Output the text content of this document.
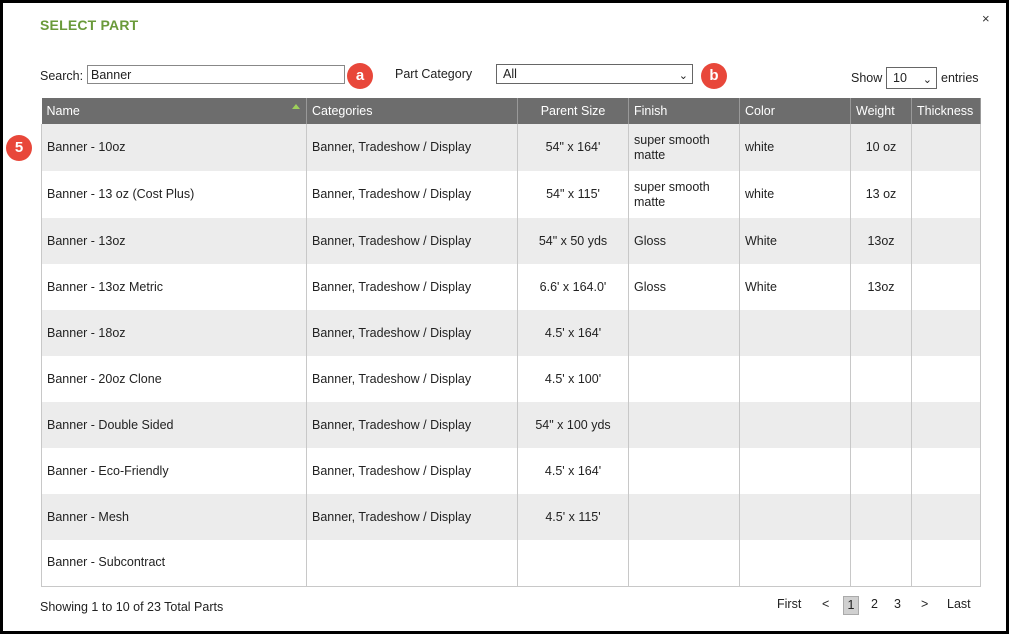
SELECT PART	×
Search:
Banner	a	Part Category	All	⌄	b	Show 10 ⌄ entries
5
Name	Categories	Parent Size	Finish	Color	Weight	Thickness
Banner - 10oz	Banner, Tradeshow / Display	54" x 164'	super smooth matte	white	10 oz	
Banner - 13 oz (Cost Plus)	Banner, Tradeshow / Display	54" x 115'	super smooth matte	white	13 oz	
Banner - 13oz	Banner, Tradeshow / Display	54" x 50 yds	Gloss	White	13oz	
Banner - 13oz Metric	Banner, Tradeshow / Display	6.6' x 164.0'	Gloss	White	13oz	
Banner - 18oz	Banner, Tradeshow / Display	4.5' x 164'				
Banner - 20oz Clone	Banner, Tradeshow / Display	4.5' x 100'				
Banner - Double Sided	Banner, Tradeshow / Display	54" x 100 yds				
Banner - Eco-Friendly	Banner, Tradeshow / Display	4.5' x 164'				
Banner - Mesh	Banner, Tradeshow / Display	4.5' x 115'				
Banner - Subcontract						
Showing 1 to 10 of 23 Total Parts	First <	1	2 3 > Last
